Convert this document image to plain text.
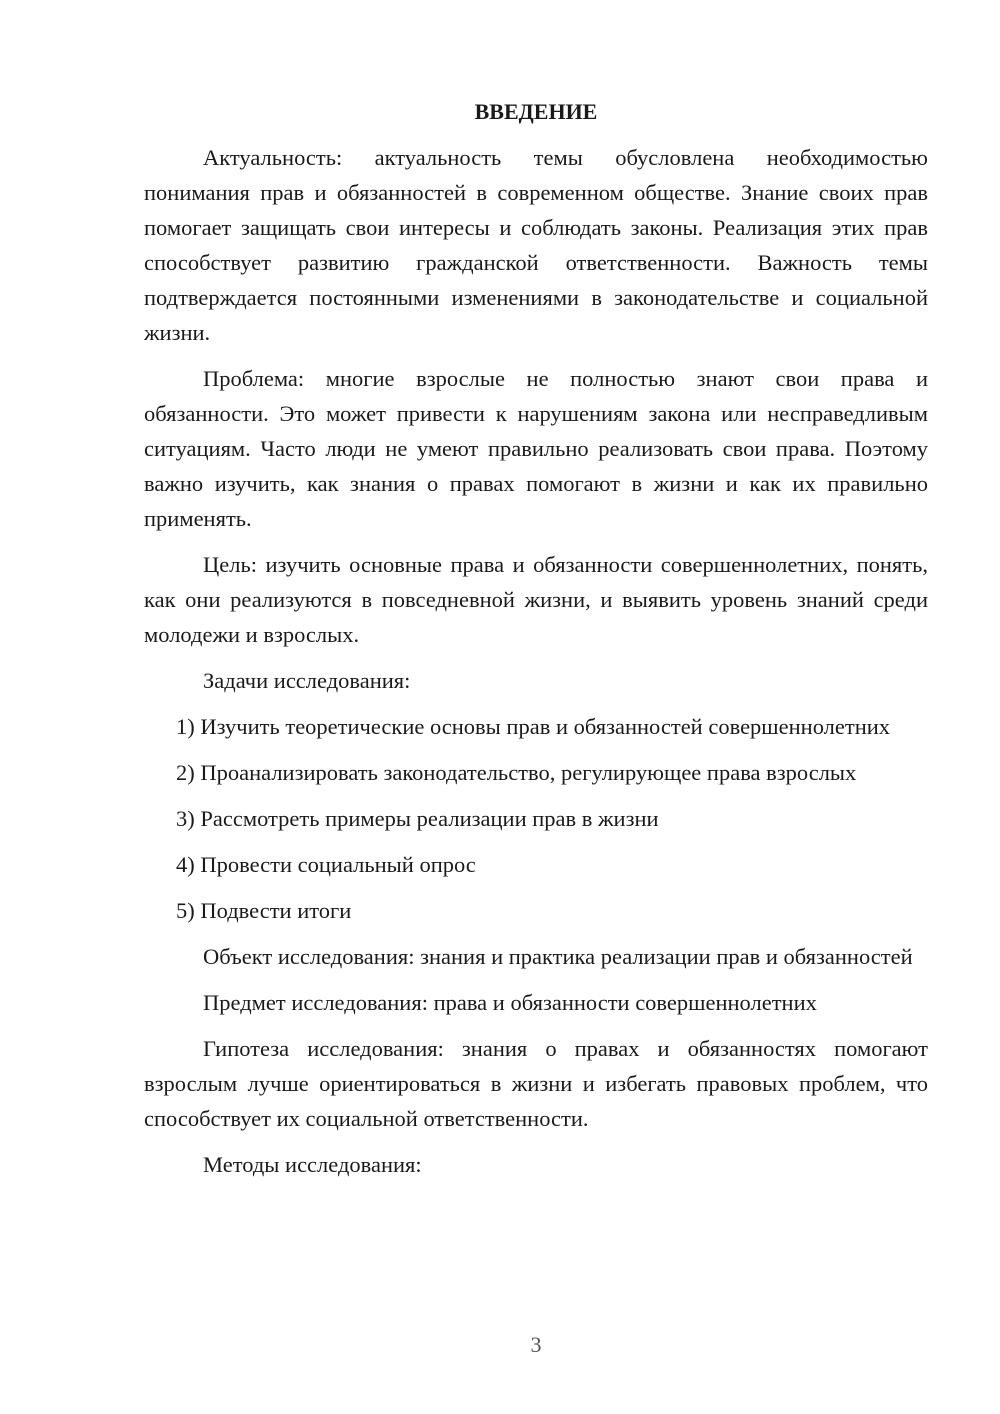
ВВЕДЕНИЕ

Актуальность: актуальность темы обусловлена необходимостью понимания прав и обязанностей в современном обществе. Знание своих прав помогает защищать свои интересы и соблюдать законы. Реализация этих прав способствует развитию гражданской ответственности. Важность темы подтверждается постоянными изменениями в законодательстве и социальной жизни.

Проблема: многие взрослые не полностью знают свои права и обязанности. Это может привести к нарушениям закона или несправедливым ситуациям. Часто люди не умеют правильно реализовать свои права. Поэтому важно изучить, как знания о правах помогают в жизни и как их правильно применять.

Цель: изучить основные права и обязанности совершеннолетних, понять, как они реализуются в повседневной жизни, и выявить уровень знаний среди молодежи и взрослых.

Задачи исследования:

1) Изучить теоретические основы прав и обязанностей совершеннолетних

2) Проанализировать законодательство, регулирующее права взрослых

3) Рассмотреть примеры реализации прав в жизни

4) Провести социальный опрос

5) Подвести итоги

Объект исследования: знания и практика реализации прав и обязанностей

Предмет исследования: права и обязанности совершеннолетних

Гипотеза исследования: знания о правах и обязанностях помогают взрослым лучше ориентироваться в жизни и избегать правовых проблем, что способствует их социальной ответственности.

Методы исследования:

3
